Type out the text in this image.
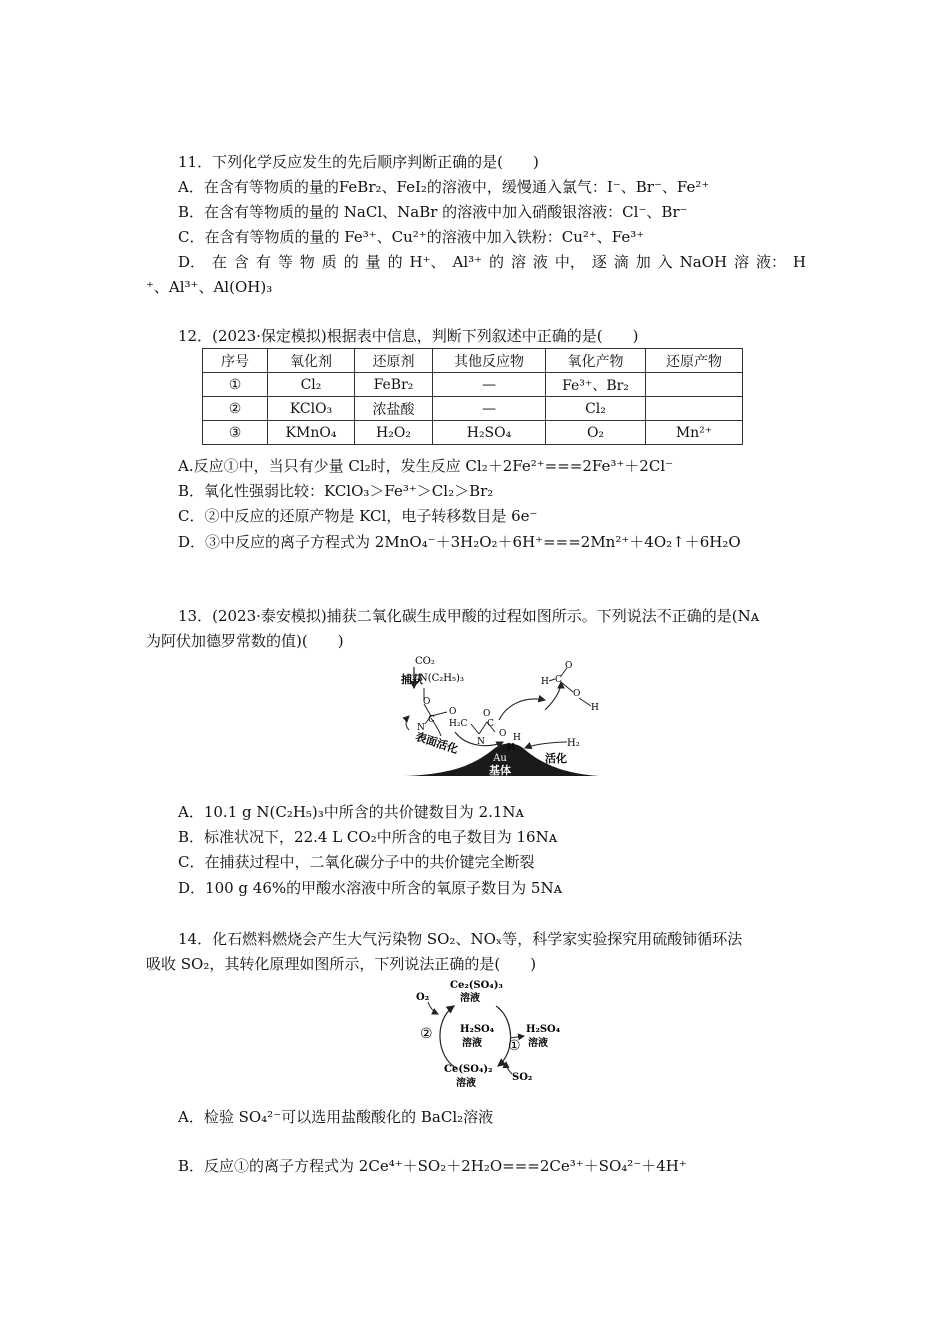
11．下列化学反应发生的先后顺序判断正确的是(　　)
A．在含有等物质的量的FeBr₂、FeI₂的溶液中，缓慢通入氯气：I⁻、Br⁻、Fe²⁺
B．在含有等物质的量的 NaCl、NaBr 的溶液中加入硝酸银溶液：Cl⁻、Br⁻
C．在含有等物质的量的 Fe³⁺、Cu²⁺的溶液中加入铁粉：Cu²⁺、Fe³⁺
D． 在 含 有 等 物 质 的 量 的 H⁺、 Al³⁺ 的 溶 液 中， 逐 滴 加 入 NaOH 溶 液： H
⁺、Al³⁺、Al(OH)₃
12．(2023·保定模拟)根据表中信息，判断下列叙述中正确的是(　　)
序号	氧化剂	还原剂	其他反应物	氧化产物	还原产物
①	Cl₂	FeBr₂	—	Fe³⁺、Br₂	
②	KClO₃	浓盐酸	—	Cl₂	
③	KMnO₄	H₂O₂	H₂SO₄	O₂	Mn²⁺
A.反应①中，当只有少量 Cl₂时，发生反应 Cl₂＋2Fe²⁺===2Fe³⁺＋2Cl⁻
B．氧化性强弱比较：KClO₃＞Fe³⁺＞Cl₂＞Br₂
C．②中反应的还原产物是 KCl，电子转移数目是 6e⁻
D．③中反应的离子方程式为 2MnO₄⁻＋3H₂O₂＋6H⁺===2Mn²⁺＋4O₂↑＋6H₂O
13．(2023·泰安模拟)捕获二氧化碳生成甲酸的过程如图所示。下列说法不正确的是(Nᴀ
为阿伏加德罗常数的值)(　　)
Au
基体
CO₂
捕获
N(C₂H₅)₃
O
C
O
N	H₂C
N
O
C
O H
H
表面活化
H C
O
O
H
H₂
活化
A．10.1 g N(C₂H₅)₃中所含的共价键数目为 2.1Nᴀ
B．标准状况下，22.4 L CO₂中所含的电子数目为 16Nᴀ
C．在捕获过程中，二氧化碳分子中的共价键完全断裂
D．100 g 46%的甲酸水溶液中所含的氧原子数目为 5Nᴀ
14．化石燃料燃烧会产生大气污染物 SO₂、NOₓ等，科学家实验探究用硫酸铈循环法
吸收 SO₂，其转化原理如图所示，下列说法正确的是(　　)
Ce₂(SO₄)₃
溶液
O₂
②	H₂SO₄
溶液
H₂SO₄
溶液
①
Ce(SO₄)₂
溶液
SO₂
A．检验 SO₄²⁻可以选用盐酸酸化的 BaCl₂溶液
B．反应①的离子方程式为 2Ce⁴⁺＋SO₂＋2H₂O===2Ce³⁺＋SO₄²⁻＋4H⁺
